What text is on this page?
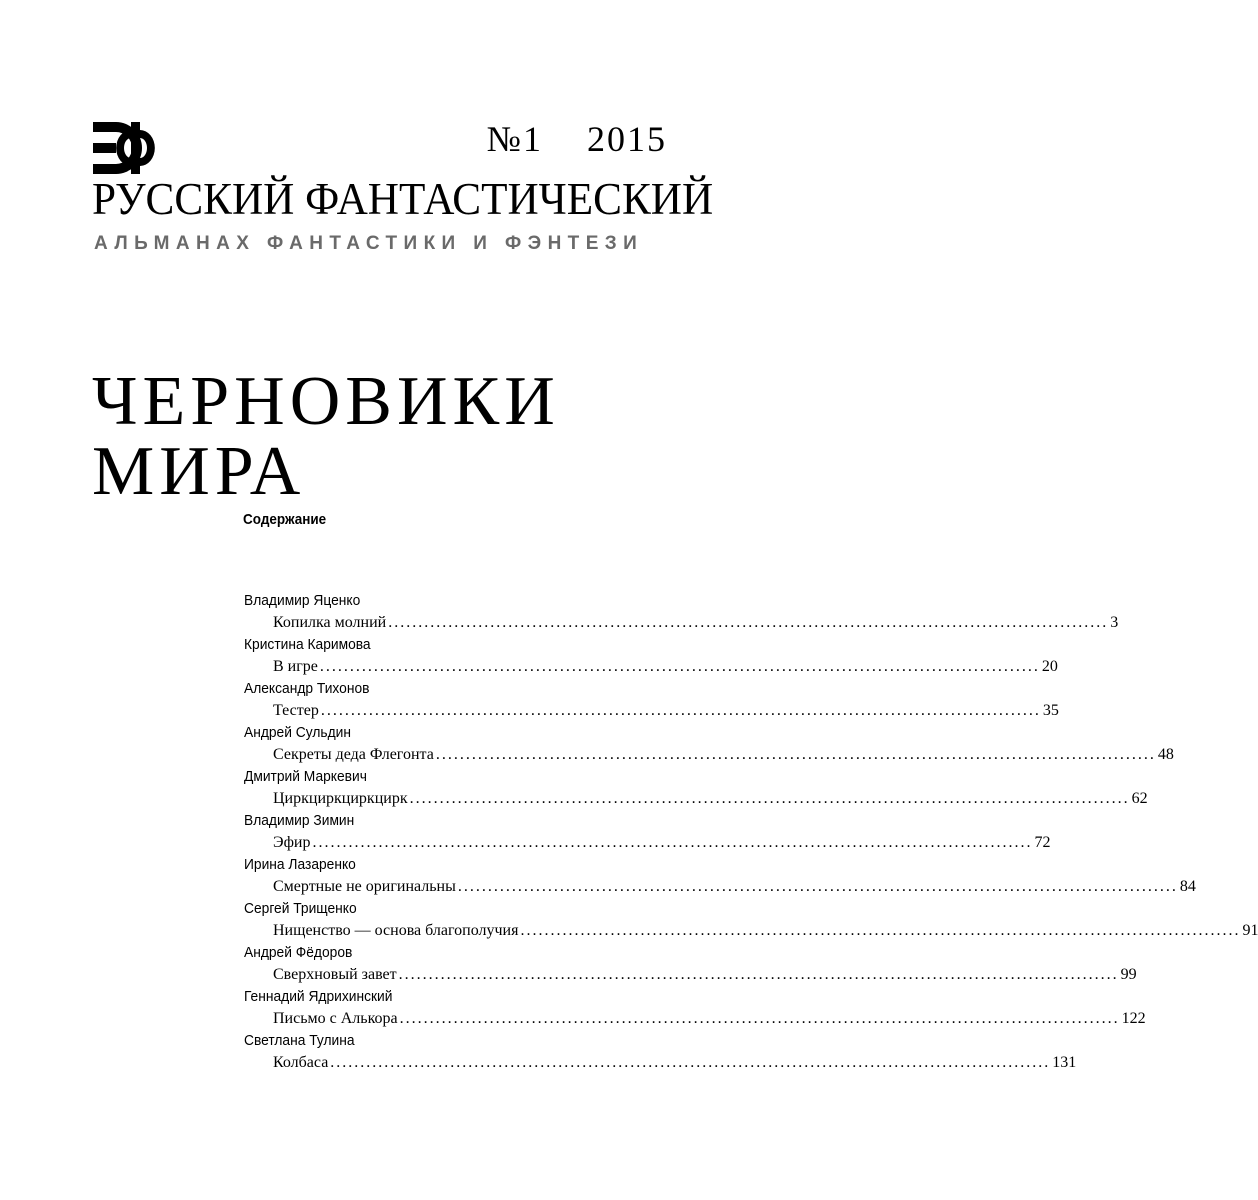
№1 2015
РУССКИЙ ФАНТАСТИЧЕСКИЙ
АЛЬМАНАХ ФАНТАСТИКИ И ФЭНТЕЗИ
ЧЕРНОВИКИ
МИРА
Содержание
Владимир Яценко
Копилка молний ........................................................................................................................ 3
Кристина Каримова
В игре ........................................................................................................................ 20
Александр Тихонов
Тестер ........................................................................................................................ 35
Андрей Сульдин
Секреты деда Флегонта ........................................................................................................................ 48
Дмитрий Маркевич
Циркциркциркцирк ........................................................................................................................ 62
Владимир Зимин
Эфир ........................................................................................................................ 72
Ирина Лазаренко
Смертные не оригинальны ........................................................................................................................ 84
Сергей Трищенко
Нищенство — основа благополучия ........................................................................................................................ 91
Андрей Фёдоров
Сверхновый завет ........................................................................................................................ 99
Геннадий Ядрихинский
Письмо с Алькора ........................................................................................................................ 122
Светлана Тулина
Колбаса ........................................................................................................................ 131
